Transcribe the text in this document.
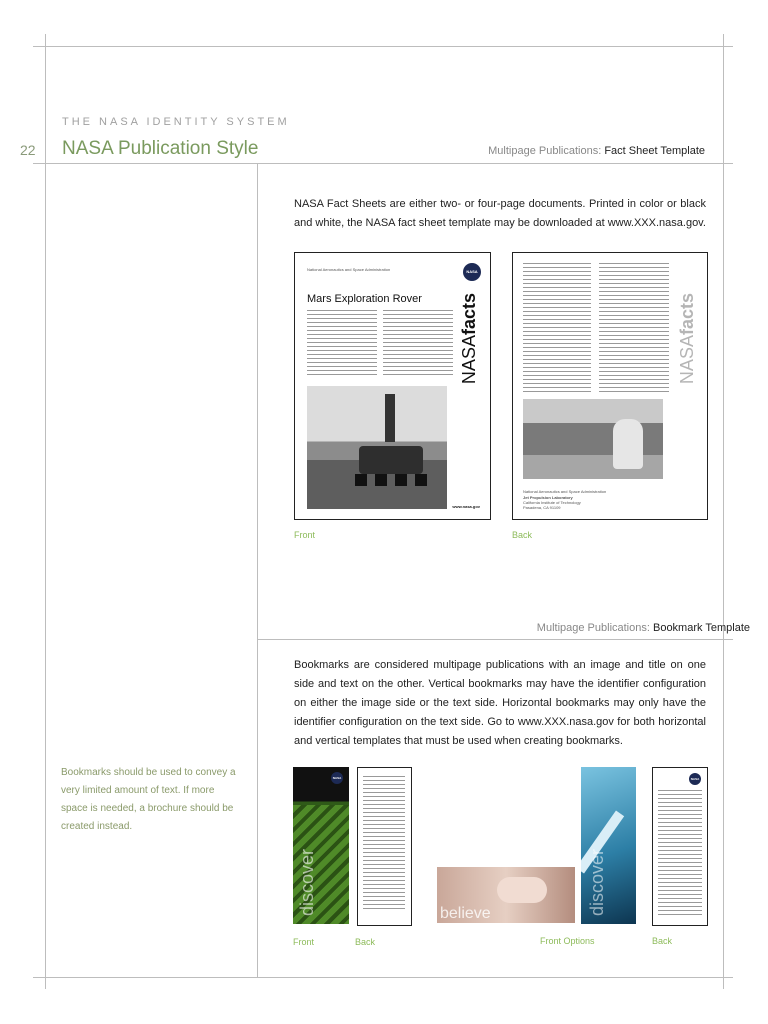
THE NASA IDENTITY SYSTEM
22 NASA Publication Style	Multipage Publications: Fact Sheet Template
NASA Fact Sheets are either two- or four-page documents. Printed in color or black and white, the NASA fact sheet template may be downloaded at www.XXX.nasa.gov.
National Aeronautics and Space Administration	NASA
Mars Exploration Rover
NASAfacts
www.nasa.gov
NASAfacts
National Aeronautics and Space Administration
Jet Propulsion Laboratory
California Institute of Technology
Pasadena, CA 91109
Front	Back
Multipage Publications: Bookmark Template
Bookmarks are considered multipage publications with an image and title on one side and text on the other. Vertical bookmarks may have the identifier configuration on either the image side or the text side. Horizontal bookmarks may only have the identifier configuration on the text side. Go to www.XXX.nasa.gov for both horizontal and vertical templates that must be used when creating bookmarks.
Bookmarks should be used to convey a very limited amount of text. If more space is needed, a brochure should be created instead.
NASA
discover	believe	discover
NASA
Front	Back	Front Options	Back
